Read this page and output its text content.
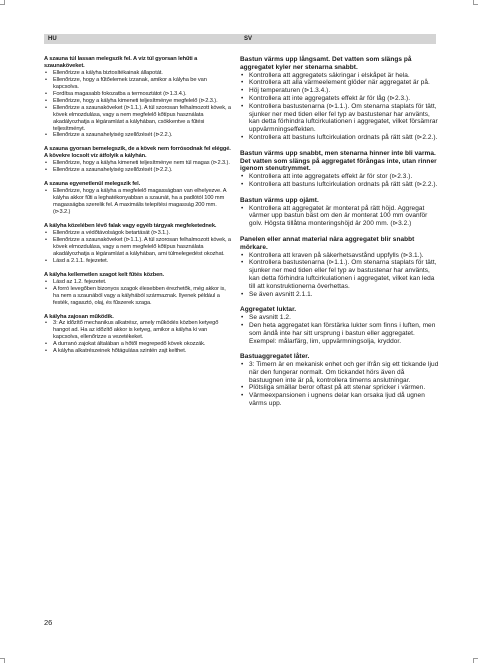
HU	SV

A szauna túl lassan melegszik fel. A víz túl gyorsan lehűti a szaunaköveket.

• Ellenőrizze a kályha biztosítékainak állapotát.
• Ellenőrizze, hogy a fűtőelemek izzanak, amikor a kályha be van kapcsolva.
• Fordítsa magasabb fokozatba a termosztátot (⊳1.3.4.).
• Ellenőrizze, hogy a kályha kimeneti teljesítménye megfelelő (⊳2.3.).
• Ellenőrizze a szaunaköveket (⊳1.1.). A túl szorosan felhalmozott kövek, a kövek elmozdulása, vagy a nem megfelelő kőtípus használata akadályozhatja a légáramlást a kályhában, csökkentve a fűtési teljesítményt.
• Ellenőrizze a szaunahelyiség szellőzését (⊳2.2.).

A szauna gyorsan bemelegszik, de a kövek nem forrósodnak fel eléggé. A kövekre locsolt víz átfolyik a kályhán.

• Ellenőrizze, hogy a kályha kimeneti teljesítménye nem túl magas (⊳2.3.).
• Ellenőrizze a szaunahelyiség szellőzését (⊳2.2.).

A szauna egyenetlenül melegszik fel.

• Ellenőrizze, hogy a kályha a megfelelő magasságban van elhelyezve. A kályha akkor fűti a leghatékonyabban a szaunát, ha a padlótól 100 mm magasságba szerelik fel. A maximális telepítési magasság 200 mm. (⊳3.2.)

A kályha közelében lévő falak vagy egyéb tárgyak megfeketednek.

• Ellenőrizze a védőtávolságok betartását (⊳3.1.).
• Ellenőrizze a szaunaköveket (⊳1.1.). A túl szorosan felhalmozott kövek, a kövek elmozdulása, vagy a nem megfelelő kőtípus használata akadályozhatja a légáramlást a kályhában, ami túlmelegedést okozhat.
• Lásd a 2.1.1. fejezetet.

A kályha kellemetlen szagot kelt fűtés közben.

• Lásd az 1.2. fejezetet.
• A forró levegőben bizonyos szagok élesebben érezhetők, még akkor is, ha nem a szaunából vagy a kályhából származnak. Ilyenek például a festék, ragasztó, olaj, és fűszerek szaga.

A kályha zajosan működik.

• 3: Az időzítő mechanikus alkatrész, amely működés közben ketyegő hangot ad. Ha az időzítő akkor is ketyeg, amikor a kályha ki van kapcsolva, ellenőrizze a vezetékeket.
• A durranó zajokat általában a hőtől megrepedő kövek okozzák.
• A kályha alkatrészeinek hőtágulása szintén zajt kelthet.

Bastun värms upp långsamt. Det vatten som slängs på aggregatet kyler ner stenarna snabbt.

• Kontrollera att aggregatets säkringar i elskåpet är hela.
• Kontrollera att alla värmeelement glöder när aggregatet är på.
• Höj temperaturen (⊳1.3.4.).
• Kontrollera att inte aggregatets effekt är för låg (⊳2.3.).
• Kontrollera bastustenarna (⊳1.1.). Om stenarna staplats för tätt, sjunker ner med tiden eller fel typ av bastustenar har använts, kan detta förhindra luftcirkulationen i aggregatet, vilket försämrar uppvärmningseffekten.
• Kontrollera att bastuns luftcirkulation ordnats på rätt sätt (⊳2.2.).

Bastun värms upp snabbt, men stenarna hinner inte bli varma. Det vatten som slängs på aggregatet förångas inte, utan rinner igenom stenutrymmet.

• Kontrollera att inte aggregatets effekt är för stor (⊳2.3.).
• Kontrollera att bastuns luftcirkulation ordnats på rätt sätt (⊳2.2.).

Bastun värms upp ojämt.

• Kontrollera att aggregatet är monterat på rätt höjd. Aggregat värmer upp bastun bäst om den är monterat 100 mm ovanför golv. Högsta tillåtna monteringshöjd är 200 mm. (⊳3.2.)

Panelen eller annat material nära aggregatet blir snabbt mörkare.

• Kontrollera att kraven på säkerhetsavstånd uppfylls (⊳3.1.).
• Kontrollera bastustenarna (⊳1.1.). Om stenarna staplats för tätt, sjunker ner med tiden eller fel typ av bastustenar har använts, kan detta förhindra luftcirkulationen i aggregatet, vilket kan leda till att konstruktionerna överhettas.
• Se även avsnitt 2.1.1.

Aggregatet luktar.

• Se avsnitt 1.2.
• Den heta aggregatet kan förstärka lukter som finns i luften, men som ändå inte har sitt ursprung i bastun eller aggregatet. Exempel: målarfärg, lim, uppvärmningsolja, kryddor.

Bastuaggregatet låter.

• 3: Timern är en mekanisk enhet och ger ifrån sig ett tickande ljud när den fungerar normalt. Om tickandet hörs även då bastuugnen inte är på, kontrollera timerns anslutningar.
• Plötsliga smällar beror oftast på att stenar spricker i värmen.
• Värmeexpansionen i ugnens delar kan orsaka ljud då ugnen värms upp.
26
